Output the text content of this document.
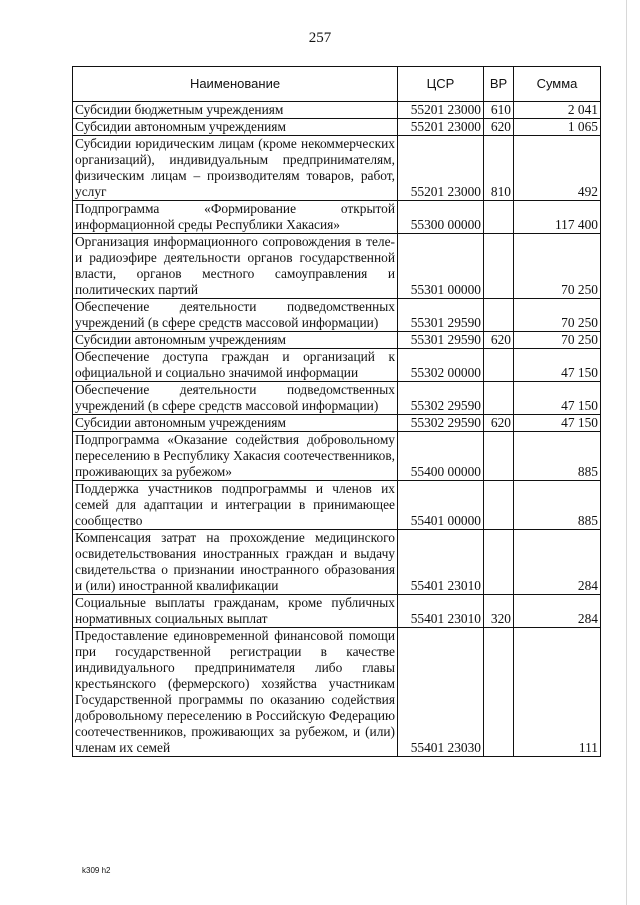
257
Наименование	ЦСР	ВР	Сумма
Субсидии бюджетным учреждениям	55201 23000	610	2 041
Субсидии автономным учреждениям	55201 23000	620	1 065
Субсидии юридическим лицам (кроме некоммерческих организаций), индивидуальным предпринимателям, физическим лицам – производителям товаров, работ, услуг	55201 23000	810	492
Подпрограмма «Формирование открытой информационной среды Республики Хакасия»	55300 00000		117 400
Организация информационного сопровождения в теле- и радиоэфире деятельности органов государственной власти, органов местного самоуправления и политических партий	55301 00000		70 250
Обеспечение деятельности подведомственных учреждений (в сфере средств массовой информации)	55301 29590		70 250
Субсидии автономным учреждениям	55301 29590	620	70 250
Обеспечение доступа граждан и организаций к официальной и социально значимой информации	55302 00000		47 150
Обеспечение деятельности подведомственных учреждений (в сфере средств массовой информации)	55302 29590		47 150
Субсидии автономным учреждениям	55302 29590	620	47 150
Подпрограмма «Оказание содействия добровольному переселению в Республику Хакасия соотечественников, проживающих за рубежом»	55400 00000		885
Поддержка участников подпрограммы и членов их семей для адаптации и интеграции в принимающее сообщество	55401 00000		885
Компенсация затрат на прохождение медицинского освидетельствования иностранных граждан и выдачу свидетельства о признании иностранного образования и (или) иностранной квалификации	55401 23010		284
Социальные выплаты гражданам, кроме публичных нормативных социальных выплат	55401 23010	320	284
Предоставление единовременной финансовой помощи при государственной регистрации в качестве индивидуального предпринимателя либо главы крестьянского (фермерского) хозяйства участникам Государственной программы по оказанию содействия добровольному переселению в Российскую Федерацию соотечественников, проживающих за рубежом, и (или) членам их семей	55401 23030		111
k309 h2
